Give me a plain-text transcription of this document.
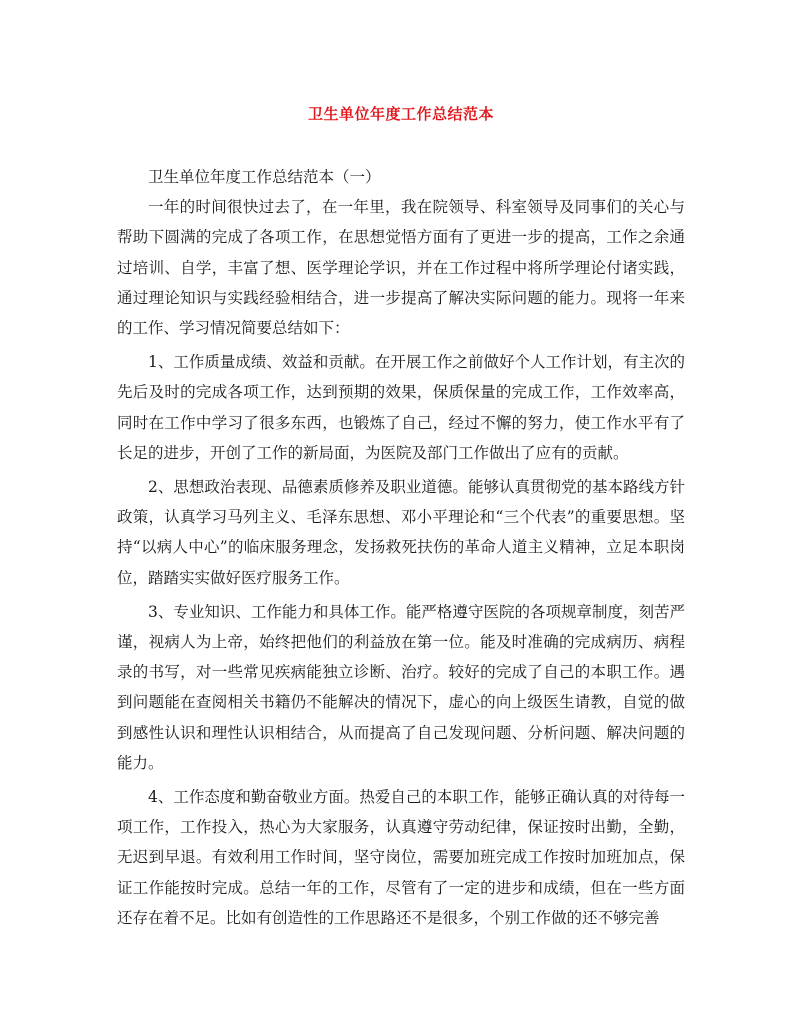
卫生单位年度工作总结范本

卫生单位年度工作总结范本（一）

一年的时间很快过去了，在一年里，我在院领导、科室领导及同事们的关心与帮助下圆满的完成了各项工作，在思想觉悟方面有了更进一步的提高，工作之余通过培训、自学，丰富了想、医学理论学识，并在工作过程中将所学理论付诸实践，通过理论知识与实践经验相结合，进一步提高了解决实际问题的能力。现将一年来的工作、学习情况简要总结如下：

1、工作质量成绩、效益和贡献。在开展工作之前做好个人工作计划，有主次的先后及时的完成各项工作，达到预期的效果，保质保量的完成工作，工作效率高，同时在工作中学习了很多东西，也锻炼了自己，经过不懈的努力，使工作水平有了长足的进步，开创了工作的新局面，为医院及部门工作做出了应有的贡献。

2、思想政治表现、品德素质修养及职业道德。能够认真贯彻党的基本路线方针政策，认真学习马列主义、毛泽东思想、邓小平理论和“三个代表”的重要思想。坚持“以病人中心”的临床服务理念，发扬救死扶伤的革命人道主义精神，立足本职岗位，踏踏实实做好医疗服务工作。

3、专业知识、工作能力和具体工作。能严格遵守医院的各项规章制度，刻苦严谨，视病人为上帝，始终把他们的利益放在第一位。能及时准确的完成病历、病程录的书写，对一些常见疾病能独立诊断、治疗。较好的完成了自己的本职工作。遇到问题能在查阅相关书籍仍不能解决的情况下，虚心的向上级医生请教，自觉的做到感性认识和理性认识相结合，从而提高了自己发现问题、分析问题、解决问题的能力。

4、工作态度和勤奋敬业方面。热爱自己的本职工作，能够正确认真的对待每一项工作，工作投入，热心为大家服务，认真遵守劳动纪律，保证按时出勤，全勤，无迟到早退。有效利用工作时间，坚守岗位，需要加班完成工作按时加班加点，保证工作能按时完成。总结一年的工作，尽管有了一定的进步和成绩，但在一些方面还存在着不足。比如有创造性的工作思路还不是很多，个别工作做的还不够完善
